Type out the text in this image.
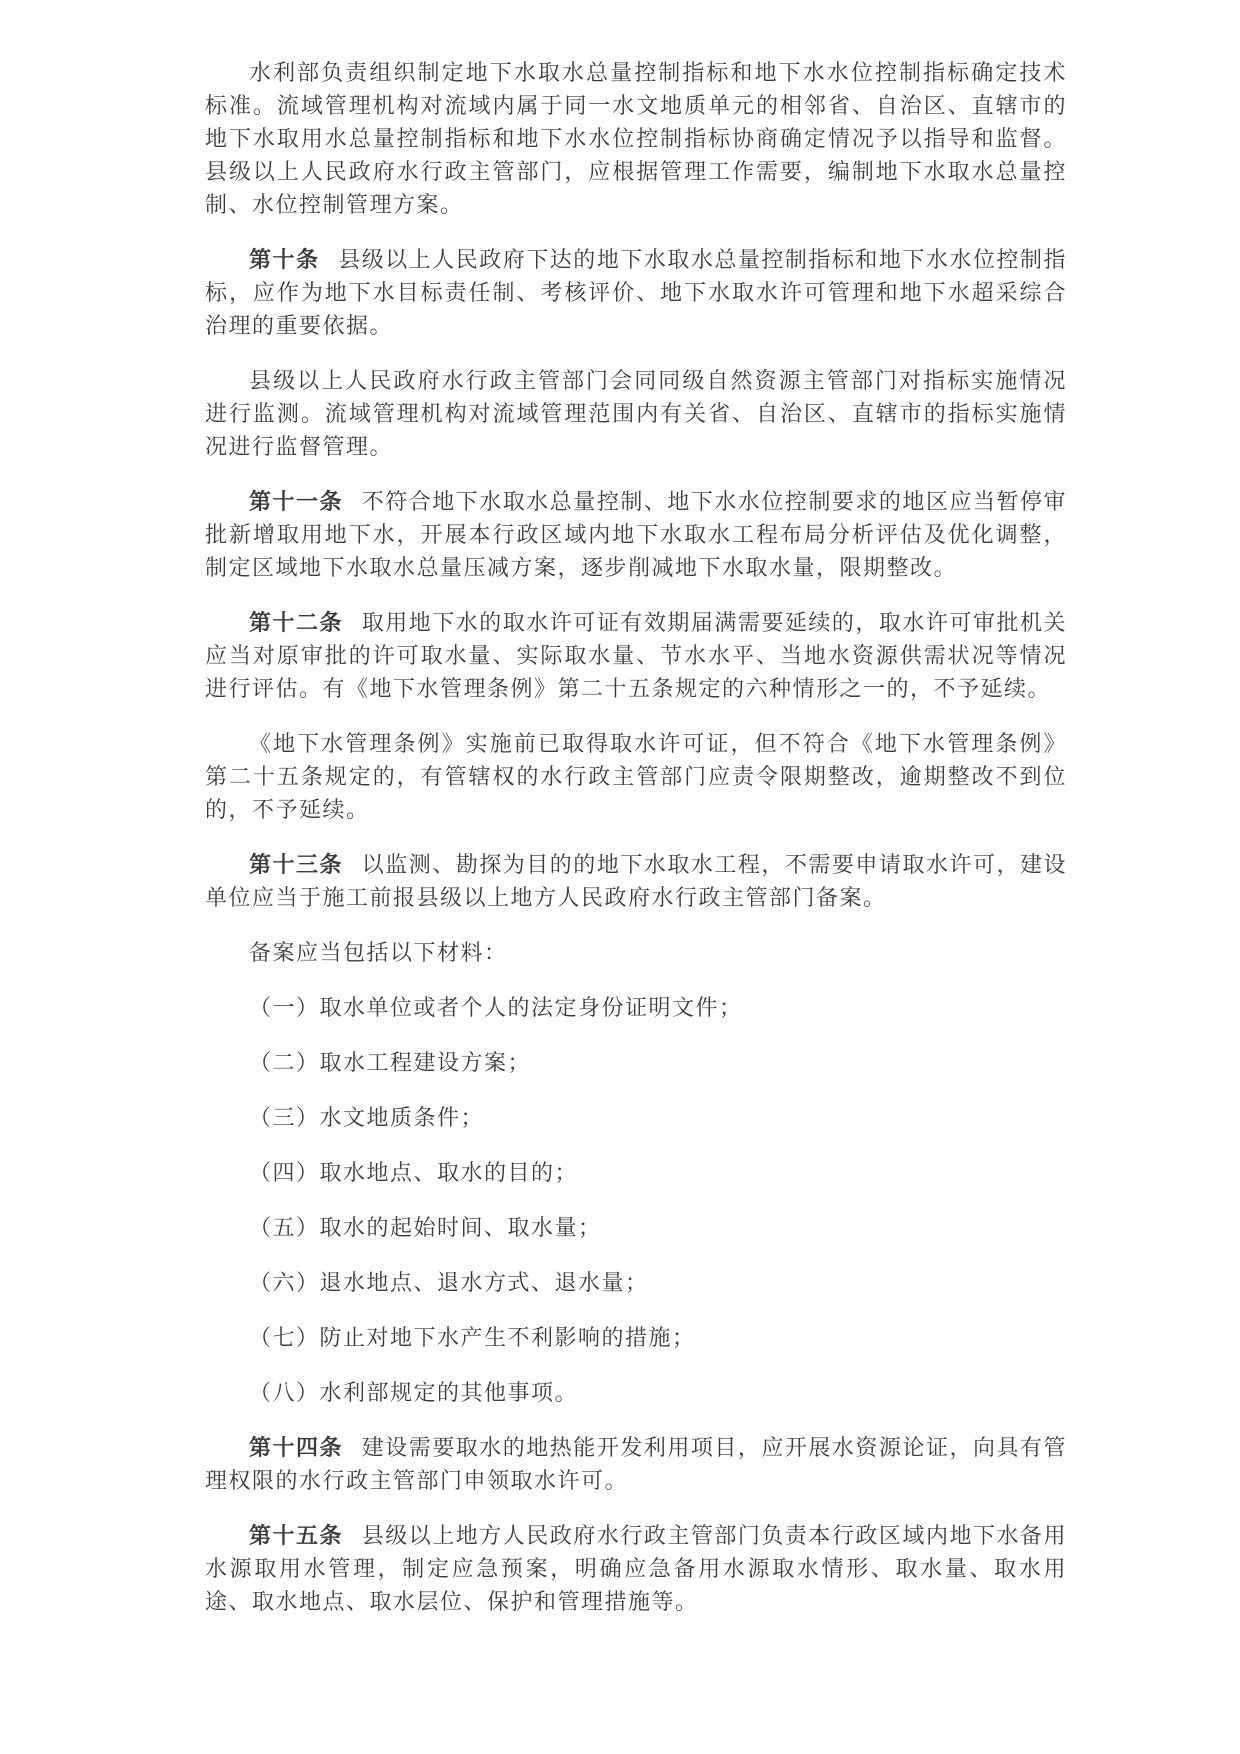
水利部负责组织制定地下水取水总量控制指标和地下水水位控制指标确定技术标准。流域管理机构对流域内属于同一水文地质单元的相邻省、自治区、直辖市的地下水取用水总量控制指标和地下水水位控制指标协商确定情况予以指导和监督。县级以上人民政府水行政主管部门，应根据管理工作需要，编制地下水取水总量控制、水位控制管理方案。

第十条 县级以上人民政府下达的地下水取水总量控制指标和地下水水位控制指标，应作为地下水目标责任制、考核评价、地下水取水许可管理和地下水超采综合治理的重要依据。

县级以上人民政府水行政主管部门会同同级自然资源主管部门对指标实施情况进行监测。流域管理机构对流域管理范围内有关省、自治区、直辖市的指标实施情况进行监督管理。

第十一条 不符合地下水取水总量控制、地下水水位控制要求的地区应当暂停审批新增取用地下水，开展本行政区域内地下水取水工程布局分析评估及优化调整，制定区域地下水取水总量压减方案，逐步削减地下水取水量，限期整改。

第十二条 取用地下水的取水许可证有效期届满需要延续的，取水许可审批机关应当对原审批的许可取水量、实际取水量、节水水平、当地水资源供需状况等情况进行评估。有《地下水管理条例》第二十五条规定的六种情形之一的，不予延续。

《地下水管理条例》实施前已取得取水许可证，但不符合《地下水管理条例》第二十五条规定的，有管辖权的水行政主管部门应责令限期整改，逾期整改不到位的，不予延续。

第十三条 以监测、勘探为目的的地下水取水工程，不需要申请取水许可，建设单位应当于施工前报县级以上地方人民政府水行政主管部门备案。

备案应当包括以下材料：

（一）取水单位或者个人的法定身份证明文件；

（二）取水工程建设方案；

（三）水文地质条件；

（四）取水地点、取水的目的；

（五）取水的起始时间、取水量；

（六）退水地点、退水方式、退水量；

（七）防止对地下水产生不利影响的措施；

（八）水利部规定的其他事项。

第十四条 建设需要取水的地热能开发利用项目，应开展水资源论证，向具有管理权限的水行政主管部门申领取水许可。

第十五条 县级以上地方人民政府水行政主管部门负责本行政区域内地下水备用水源取用水管理，制定应急预案，明确应急备用水源取水情形、取水量、取水用途、取水地点、取水层位、保护和管理措施等。
